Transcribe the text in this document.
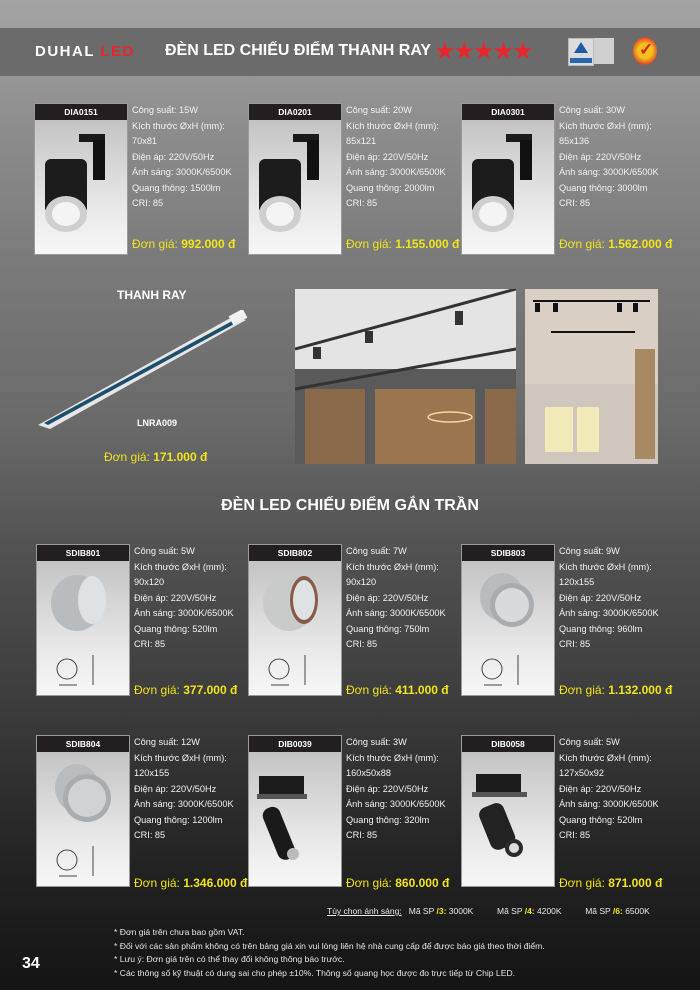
DUHAL LED ĐÈN LED CHIẾU ĐIỂM THANH RAY ★★★★★	✓
DIA0151	Công suất: 15W
Kích thước ØxH (mm):
70x81
Điện áp: 220V/50Hz
Ánh sáng: 3000K/6500K
Quang thông: 1500lm
CRI: 85
Đơn giá: 992.000 đ
DIA0201	Công suất: 20W
Kích thước ØxH (mm):
85x121
Điện áp: 220V/50Hz
Ánh sáng: 3000K/6500K
Quang thông: 2000lm
CRI: 85
Đơn giá: 1.155.000 đ
DIA0301	Công suất: 30W
Kích thước ØxH (mm):
85x136
Điện áp: 220V/50Hz
Ánh sáng: 3000K/6500K
Quang thông: 3000lm
CRI: 85
Đơn giá: 1.562.000 đ
THANH RAY
LNRA009
Đơn giá: 171.000 đ
ĐÈN LED CHIẾU ĐIỂM GẮN TRẦN
SDIB801	Công suất: 5W
Kích thước ØxH (mm):
90x120
Điện áp: 220V/50Hz
Ánh sáng: 3000K/6500K
Quang thông: 520lm
CRI: 85
Đơn giá: 377.000 đ
SDIB802	Công suất: 7W
Kích thước ØxH (mm):
90x120
Điện áp: 220V/50Hz
Ánh sáng: 3000K/6500K
Quang thông: 750lm
CRI: 85
Đơn giá: 411.000 đ
SDIB803	Công suất: 9W
Kích thước ØxH (mm):
120x155
Điện áp: 220V/50Hz
Ánh sáng: 3000K/6500K
Quang thông: 960lm
CRI: 85
Đơn giá: 1.132.000 đ
SDIB804	Công suất: 12W
Kích thước ØxH (mm):
120x155
Điện áp: 220V/50Hz
Ánh sáng: 3000K/6500K
Quang thông: 1200lm
CRI: 85
Đơn giá: 1.346.000 đ
DIB0039	Công suất: 3W
Kích thước ØxH (mm):
160x50x88
Điện áp: 220V/50Hz
Ánh sáng: 3000K/6500K
Quang thông: 320lm
CRI: 85
Đơn giá: 860.000 đ
DIB0058	Công suất: 5W
Kích thước ØxH (mm):
127x50x92
Điện áp: 220V/50Hz
Ánh sáng: 3000K/6500K
Quang thông: 520lm
CRI: 85
Đơn giá: 871.000 đ
Tùy chọn ánh sáng: Mã SP /3: 3000K	Mã SP /4: 4200K	Mã SP /6: 6500K
* Đơn giá trên chưa bao gồm VAT.
* Đối với các sản phẩm không có trên bảng giá xin vui lòng liên hệ nhà cung cấp để được báo giá theo thời điểm.
* Lưu ý: Đơn giá trên có thể thay đổi không thông báo trước.
* Các thông số kỹ thuật có dung sai cho phép ±10%. Thông số quang học được đo trực tiếp từ Chip LED.
34
